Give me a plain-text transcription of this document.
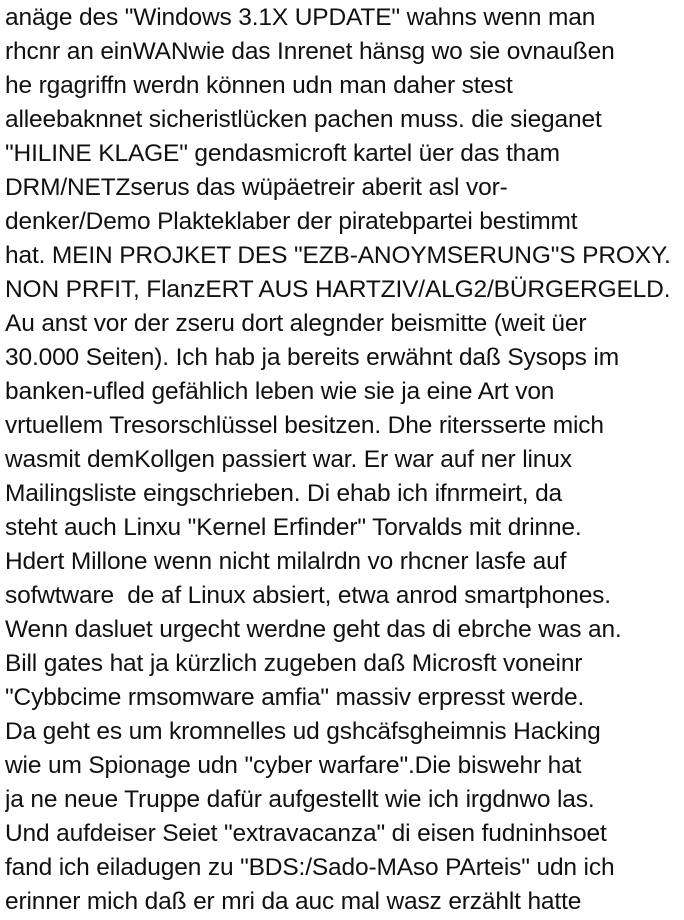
anäge des "Windows 3.1X UPDATE" wahns wenn man
rhcnr an einWANwie das Inrenet hänsg wo sie ovnaußen
he rgagriffn werdn können udn man daher stest
alleebaknnet sicheristlücken pachen muss. die sieganet
"HILINE KLAGE" gendasmicroft kartel üer das tham
DRM/NETZserus das wüpäetreir aberit asl vor-
denker/Demo Plakteklaber der piratebpartei bestimmt
hat. MEIN PROJKET DES "EZB-ANOYMSERUNG"S PROXY.
NON PRFIT, FlanzERT AUS HARTZIV/ALG2/BÜRGERGELD.
Au anst vor der zseru dort alegnder beismitte (weit üer
30.000 Seiten). Ich hab ja bereits erwähnt daß Sysops im
banken-ufled gefählich leben wie sie ja eine Art von
vrtuellem Tresorschlüssel besitzen. Dhe ritersserte mich
wasmit demKollgen passiert war. Er war auf ner linux
Mailingsliste eingschrieben. Di ehab ich ifnrmeirt, da
steht auch Linxu "Kernel Erfinder" Torvalds mit drinne.
Hdert Millone wenn nicht milalrdn vo rhcner lasfe auf
sofwtware  de af Linux absiert, etwa anrod smartphones.
Wenn dasluet urgecht werdne geht das di ebrche was an.
Bill gates hat ja kürzlich zugeben daß Microsft voneinr
"Cybbcime rmsomware amfia" massiv erpresst werde.
Da geht es um kromnelles ud gshcäfsgheimnis Hacking
wie um Spionage udn "cyber warfare".Die biswehr hat
ja ne neue Truppe dafür aufgestellt wie ich irgdnwo las.
Und aufdeiser Seiet "extravacanza" di eisen fudninhsoet
fand ich eiladugen zu "BDS:/Sado-MAso PArteis" udn ich
erinner mich daß er mri da auc mal wasz erzählt hatte
